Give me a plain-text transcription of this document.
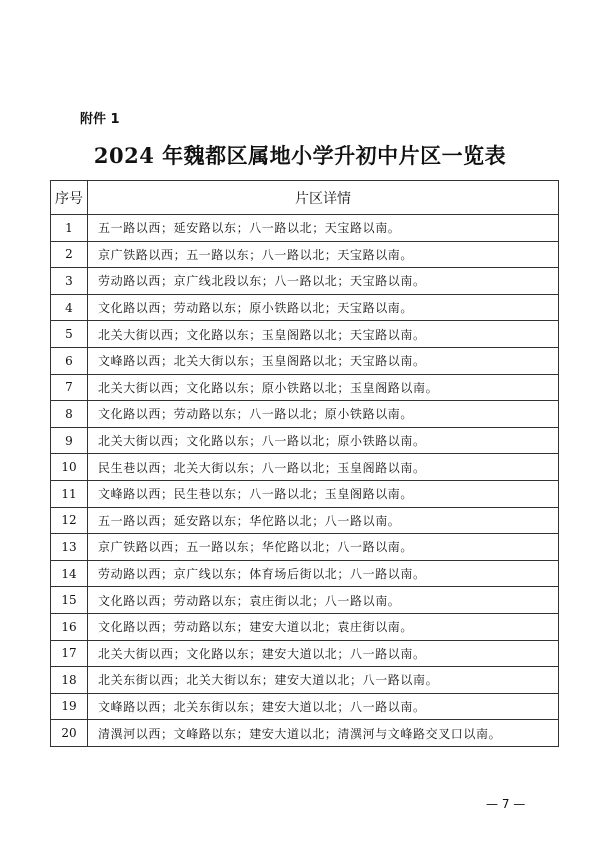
附件 1
2024 年魏都区属地小学升初中片区一览表
序号	片区详情
1	五一路以西；延安路以东；八一路以北；天宝路以南。
2	京广铁路以西；五一路以东；八一路以北；天宝路以南。
3	劳动路以西；京广线北段以东；八一路以北；天宝路以南。
4	文化路以西；劳动路以东；原小铁路以北；天宝路以南。
5	北关大街以西；文化路以东；玉皇阁路以北；天宝路以南。
6	文峰路以西；北关大街以东；玉皇阁路以北；天宝路以南。
7	北关大街以西；文化路以东；原小铁路以北；玉皇阁路以南。
8	文化路以西；劳动路以东；八一路以北；原小铁路以南。
9	北关大街以西；文化路以东；八一路以北；原小铁路以南。
10	民生巷以西；北关大街以东；八一路以北；玉皇阁路以南。
11	文峰路以西；民生巷以东；八一路以北；玉皇阁路以南。
12	五一路以西；延安路以东；华佗路以北；八一路以南。
13	京广铁路以西；五一路以东；华佗路以北；八一路以南。
14	劳动路以西；京广线以东；体育场后街以北；八一路以南。
15	文化路以西；劳动路以东；袁庄街以北；八一路以南。
16	文化路以西；劳动路以东；建安大道以北；袁庄街以南。
17	北关大街以西；文化路以东；建安大道以北；八一路以南。
18	北关东街以西；北关大街以东；建安大道以北；八一路以南。
19	文峰路以西；北关东街以东；建安大道以北；八一路以南。
20	清潩河以西；文峰路以东；建安大道以北；清潩河与文峰路交叉口以南。
— 7 —
